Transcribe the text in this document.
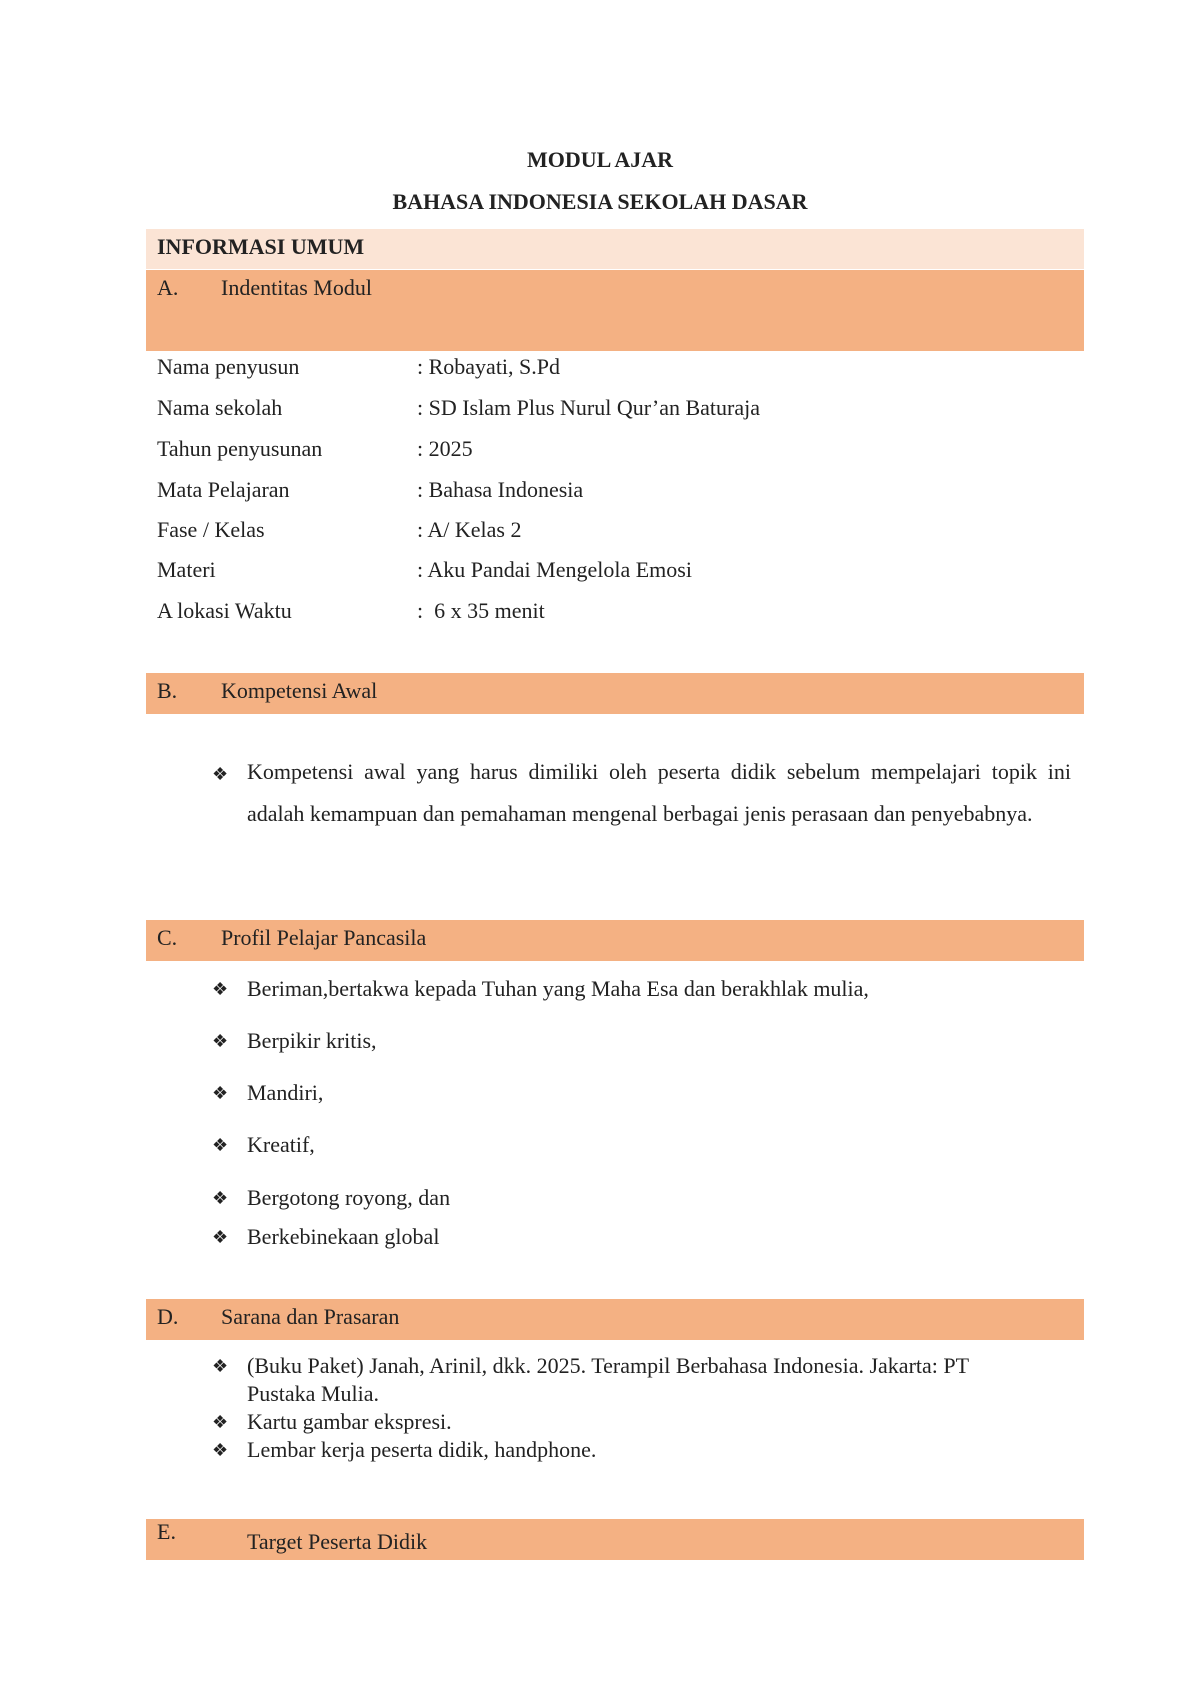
MODUL AJAR
BAHASA INDONESIA SEKOLAH DASAR
INFORMASI UMUM
A. Indentitas Modul
Nama penyusun	: Robayati, S.Pd
Nama sekolah	: SD Islam Plus Nurul Qur’an Baturaja
Tahun penyusunan	: 2025
Mata Pelajaran	: Bahasa Indonesia
Fase / Kelas	: A/ Kelas 2
Materi	: Aku Pandai Mengelola Emosi
A lokasi Waktu	:  6 x 35 menit
B. Kompetensi Awal
❖ Kompetensi awal yang harus dimiliki oleh peserta didik sebelum mempelajari topik ini adalah kemampuan dan pemahaman mengenal berbagai jenis perasaan dan penyebabnya.
C. Profil Pelajar Pancasila
❖ Beriman,bertakwa kepada Tuhan yang Maha Esa dan berakhlak mulia,
❖ Berpikir kritis,
❖ Mandiri,
❖ Kreatif,
❖ Bergotong royong, dan
❖ Berkebinekaan global
D. Sarana dan Prasaran
❖ (Buku Paket) Janah, Arinil, dkk. 2025. Terampil Berbahasa Indonesia. Jakarta: PT
Pustaka Mulia.
❖ Kartu gambar ekspresi.
❖ Lembar kerja peserta didik, handphone.
E.	Target Peserta Didik
